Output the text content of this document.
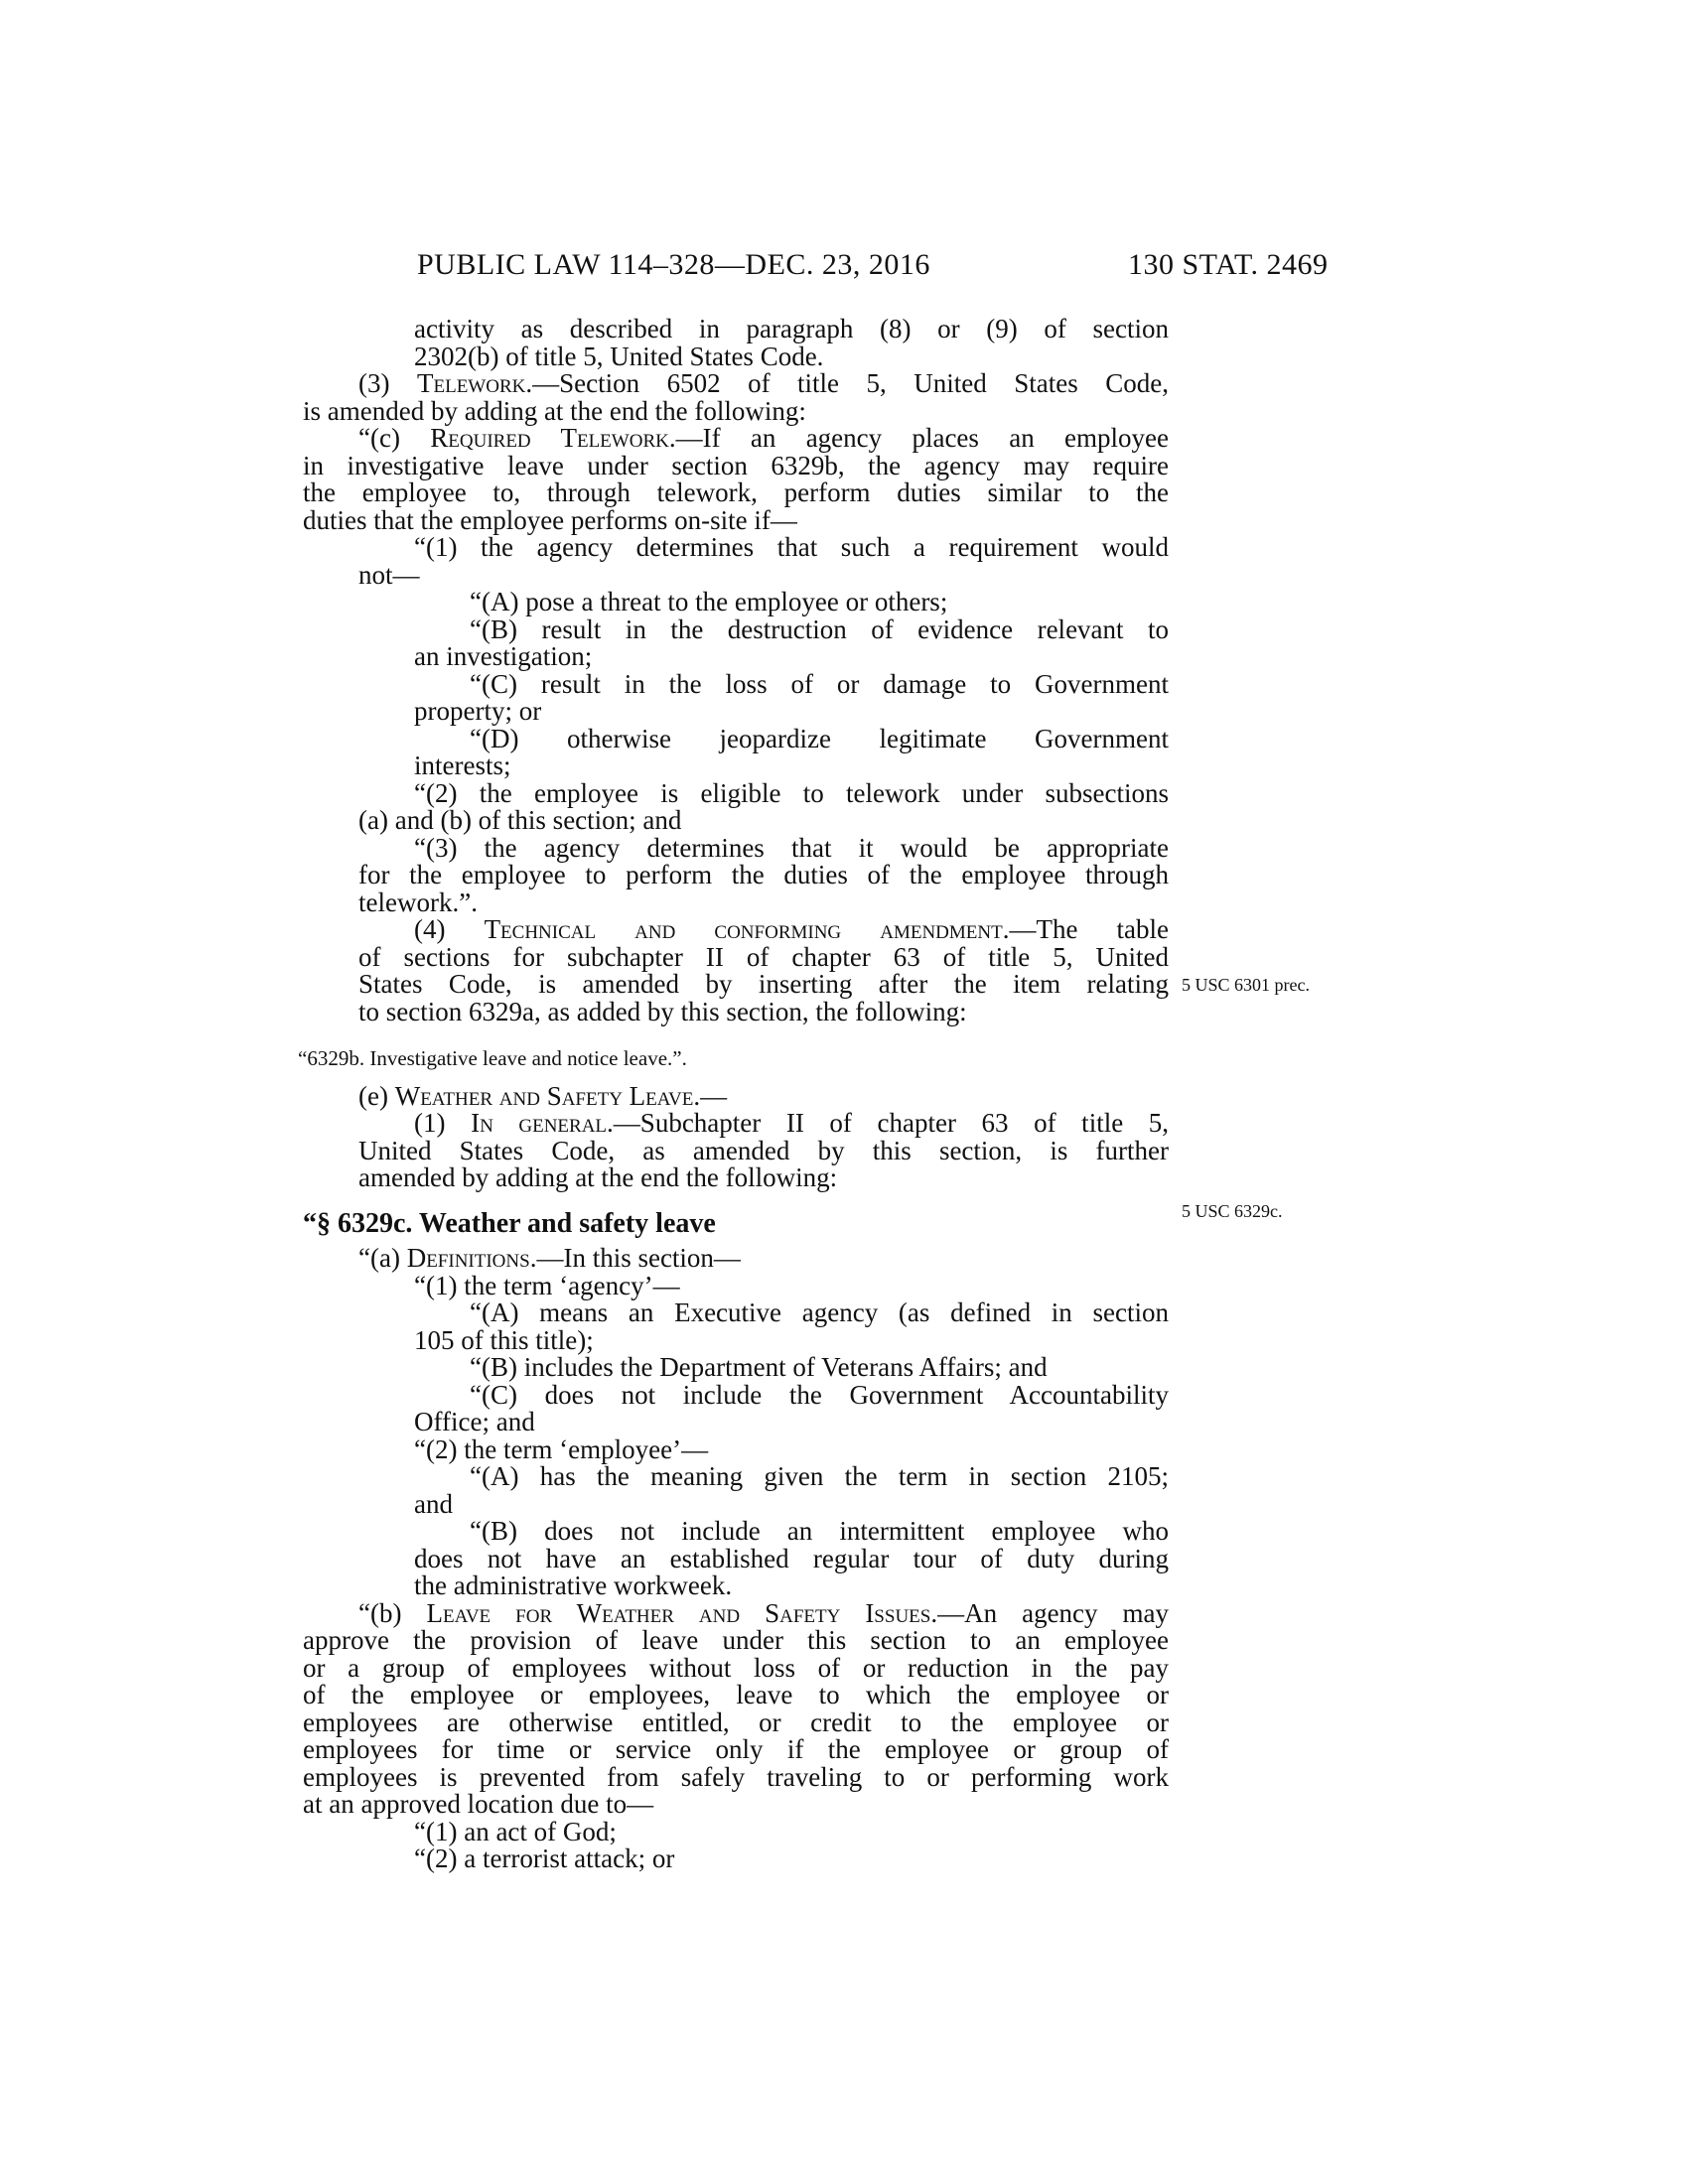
PUBLIC LAW 114–328—DEC. 23, 2016	130 STAT. 2469
5 USC 6301 prec.
5 USC 6329c.
activity as described in paragraph (8) or (9) of section
2302(b) of title 5, United States Code.
(3) Telework.—Section 6502 of title 5, United States Code,
is amended by adding at the end the following:
“(c) Required Telework.—If an agency places an employee
in investigative leave under section 6329b, the agency may require
the employee to, through telework, perform duties similar to the
duties that the employee performs on-site if—
“(1) the agency determines that such a requirement would
not—
“(A) pose a threat to the employee or others;
“(B) result in the destruction of evidence relevant to
an investigation;
“(C) result in the loss of or damage to Government
property; or
“(D) otherwise jeopardize legitimate Government
interests;
“(2) the employee is eligible to telework under subsections
(a) and (b) of this section; and
“(3) the agency determines that it would be appropriate
for the employee to perform the duties of the employee through
telework.”.
(4) Technical and conforming amendment.—The table
of sections for subchapter II of chapter 63 of title 5, United
States Code, is amended by inserting after the item relating
to section 6329a, as added by this section, the following:
“6329b. Investigative leave and notice leave.”.
(e) Weather and Safety Leave.—
(1) In general.—Subchapter II of chapter 63 of title 5,
United States Code, as amended by this section, is further
amended by adding at the end the following:
“§ 6329c. Weather and safety leave
“(a) Definitions.—In this section—
“(1) the term ‘agency’—
“(A) means an Executive agency (as defined in section
105 of this title);
“(B) includes the Department of Veterans Affairs; and
“(C) does not include the Government Accountability
Office; and
“(2) the term ‘employee’—
“(A) has the meaning given the term in section 2105;
and
“(B) does not include an intermittent employee who
does not have an established regular tour of duty during
the administrative workweek.
“(b) Leave for Weather and Safety Issues.—An agency may
approve the provision of leave under this section to an employee
or a group of employees without loss of or reduction in the pay
of the employee or employees, leave to which the employee or
employees are otherwise entitled, or credit to the employee or
employees for time or service only if the employee or group of
employees is prevented from safely traveling to or performing work
at an approved location due to—
“(1) an act of God;
“(2) a terrorist attack; or
